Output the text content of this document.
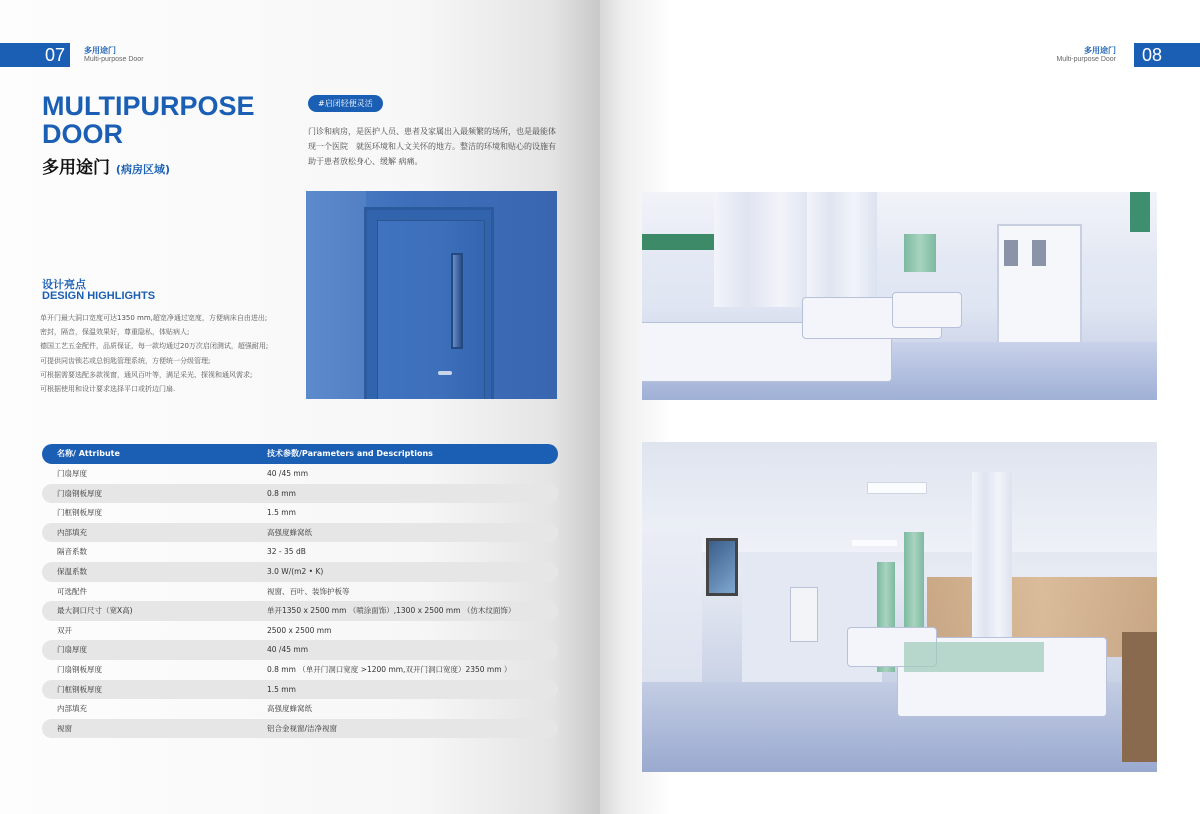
07	多用途门
Multi-purpose Door
多用途门
Multi-purpose Door	08
MULTIPURPOSE DOOR
多用途门 (病房区域)
#启闭轻便灵活
门诊和病房，是医护人员、患者及家属出入最频繁的场所，也是最能体现一个医院　就医环境和人文关怀的地方。整洁的环境和贴心的设施有助于患者放松身心、缓解 病痛。
设计亮点
DESIGN HIGHLIGHTS
单开门最大洞口宽度可达1350 mm,超宽净通过宽度，方便病床自由进出;
密封，隔音，保温效果好，尊重隐私，体贴病人;
德国工艺五金配件，品质保证，每一款均通过20万次启闭测试，超强耐用;
可提供同齿锁芯或总钥匙管理系统，方便统一分级管理;
可根据需要选配多款视窗，通风百叶等，满足采光、探视和通风需求;
可根据使用和设计要求选择平口或折边门扇.
名称/ Attribute	技术参数/Parameters and Descriptions
门扇厚度	40 /45 mm
门扇钢板厚度	0.8 mm
门框钢板厚度	1.5 mm
内部填充	高强度蜂窝纸
隔音系数	32 - 35 dB
保温系数	3.0 W/(m2 • K)
可选配件	视窗、百叶、装饰护板等
最大洞口尺寸（宽X高)	单开1350 x 2500 mm （喷涂面饰）,1300 x 2500 mm （仿木纹面饰）
双开	2500 x 2500 mm
门扇厚度	40 /45 mm
门扇钢板厚度	0.8 mm （单开门洞口宽度 >1200 mm,双开门洞口宽度）2350 mm ）
门框钢板厚度	1.5 mm
内部填充	高强度蜂窝纸
视窗	铝合金视窗/洁净视窗
